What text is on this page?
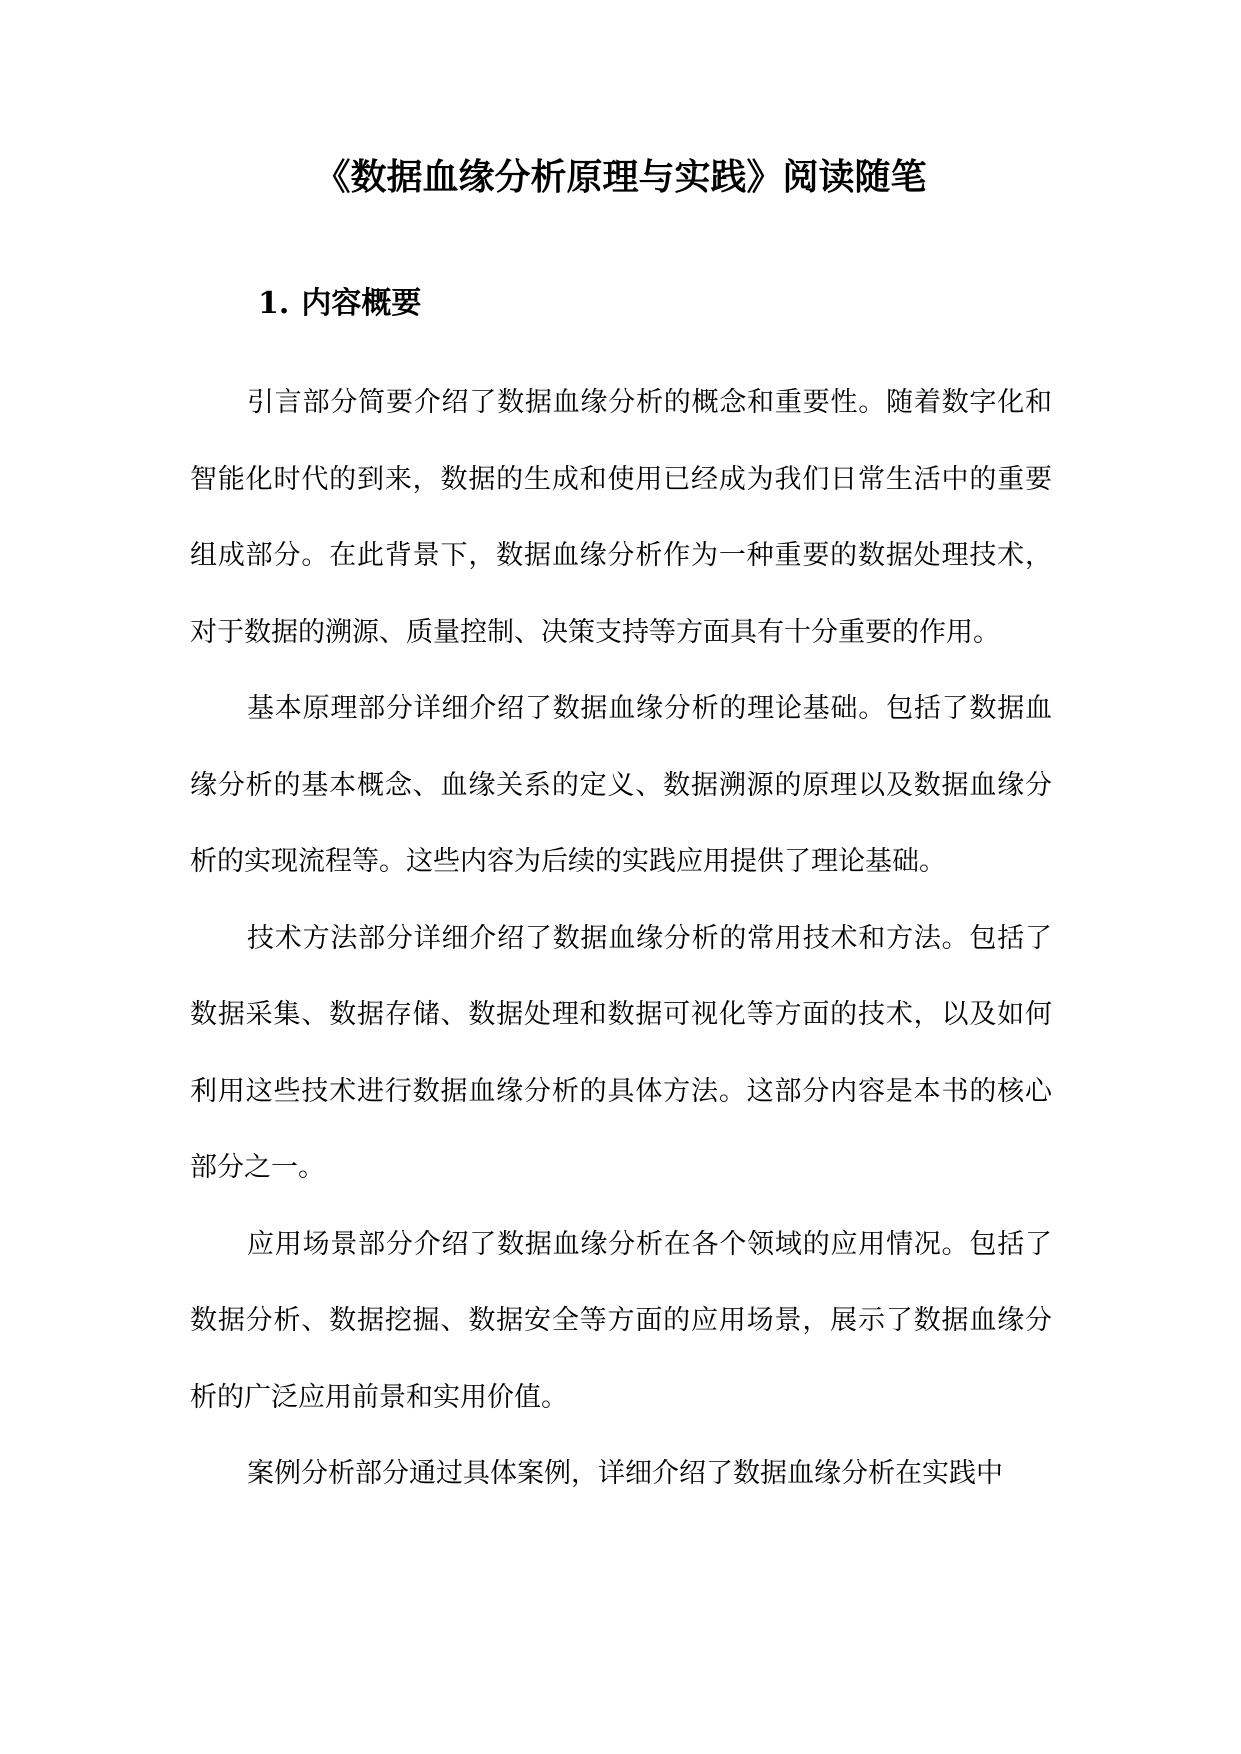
《数据血缘分析原理与实践》阅读随笔
1. 内容概要

引言部分简要介绍了数据血缘分析的概念和重要性。随着数字化和智能化时代的到来，数据的生成和使用已经成为我们日常生活中的重要组成部分。在此背景下，数据血缘分析作为一种重要的数据处理技术，对于数据的溯源、质量控制、决策支持等方面具有十分重要的作用。

基本原理部分详细介绍了数据血缘分析的理论基础。包括了数据血缘分析的基本概念、血缘关系的定义、数据溯源的原理以及数据血缘分析的实现流程等。这些内容为后续的实践应用提供了理论基础。

技术方法部分详细介绍了数据血缘分析的常用技术和方法。包括了数据采集、数据存储、数据处理和数据可视化等方面的技术，以及如何利用这些技术进行数据血缘分析的具体方法。这部分内容是本书的核心部分之一。

应用场景部分介绍了数据血缘分析在各个领域的应用情况。包括了数据分析、数据挖掘、数据安全等方面的应用场景，展示了数据血缘分析的广泛应用前景和实用价值。

案例分析部分通过具体案例，详细介绍了数据血缘分析在实践中
